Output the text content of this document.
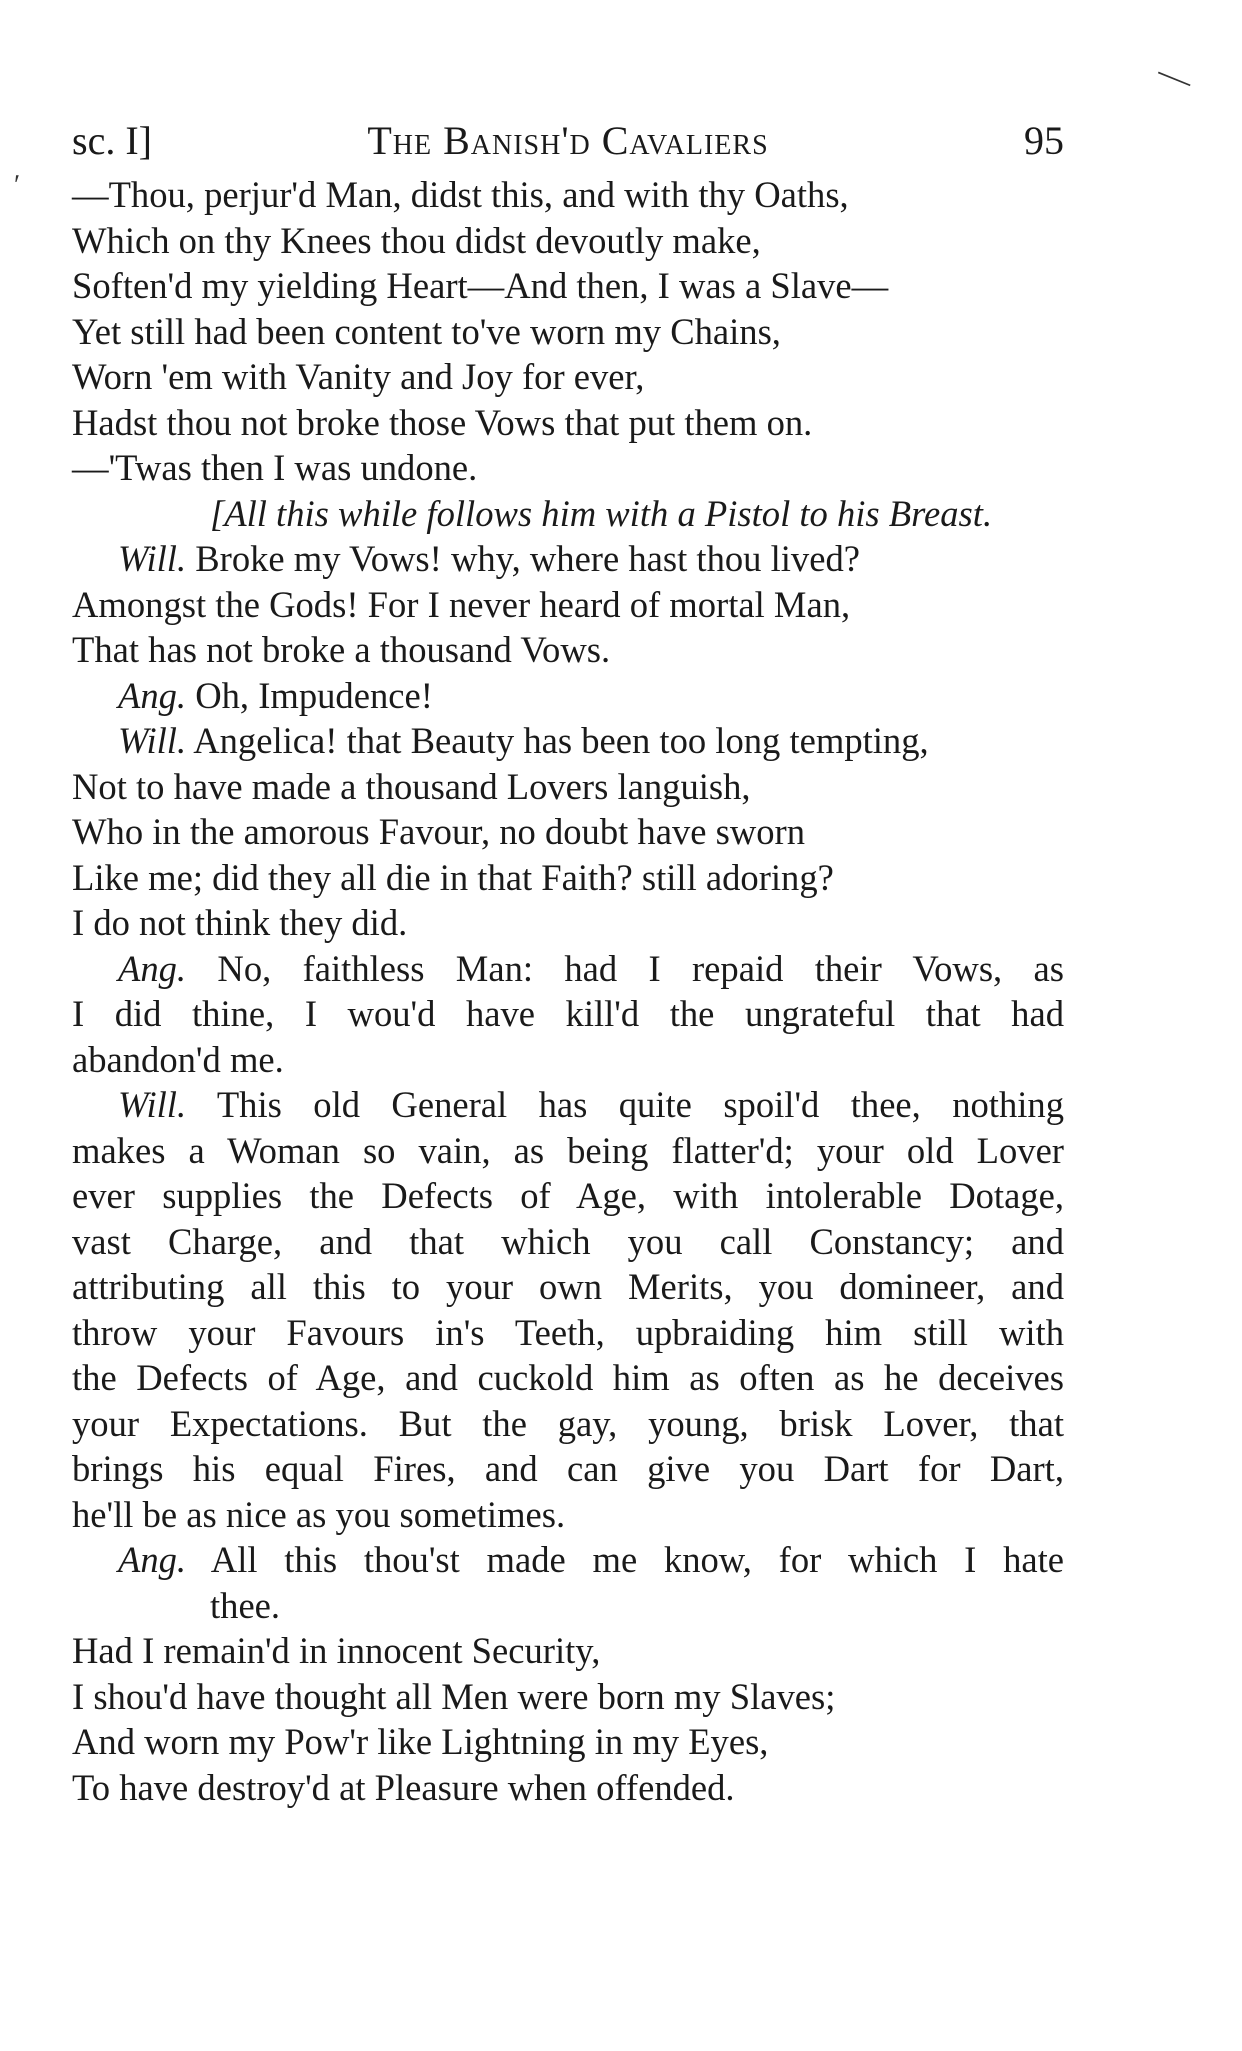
sc. I]	The Banish'd Cavaliers	95
―
ʹ —Thou, perjur'd Man, didst this, and with thy Oaths,
Which on thy Knees thou didst devoutly make,
Soften'd my yielding Heart—And then, I was a Slave—
Yet still had been content to've worn my Chains,
Worn 'em with Vanity and Joy for ever,
Hadst thou not broke those Vows that put them on.
—'Twas then I was undone.
[All this while follows him with a Pistol to his Breast.
Will. Broke my Vows! why, where hast thou lived?
Amongst the Gods! For I never heard of mortal Man,
That has not broke a thousand Vows.
Ang. Oh, Impudence!
Will. Angelica! that Beauty has been too long tempting,
Not to have made a thousand Lovers languish,
Who in the amorous Favour, no doubt have sworn
Like me; did they all die in that Faith? still adoring?
I do not think they did.
Ang. No, faithless Man: had I repaid their Vows, as
I did thine, I wou'd have kill'd the ungrateful that had
abandon'd me.
Will. This old General has quite spoil'd thee, nothing
makes a Woman so vain, as being flatter'd; your old Lover
ever supplies the Defects of Age, with intolerable Dotage,
vast Charge, and that which you call Constancy; and
attributing all this to your own Merits, you domineer, and
throw your Favours in's Teeth, upbraiding him still with
the Defects of Age, and cuckold him as often as he deceives
your Expectations. But the gay, young, brisk Lover, that
brings his equal Fires, and can give you Dart for Dart,
he'll be as nice as you sometimes.
Ang. All this thou'st made me know, for which I hate
thee.
Had I remain'd in innocent Security,
I shou'd have thought all Men were born my Slaves;
And worn my Pow'r like Lightning in my Eyes,
To have destroy'd at Pleasure when offended.
